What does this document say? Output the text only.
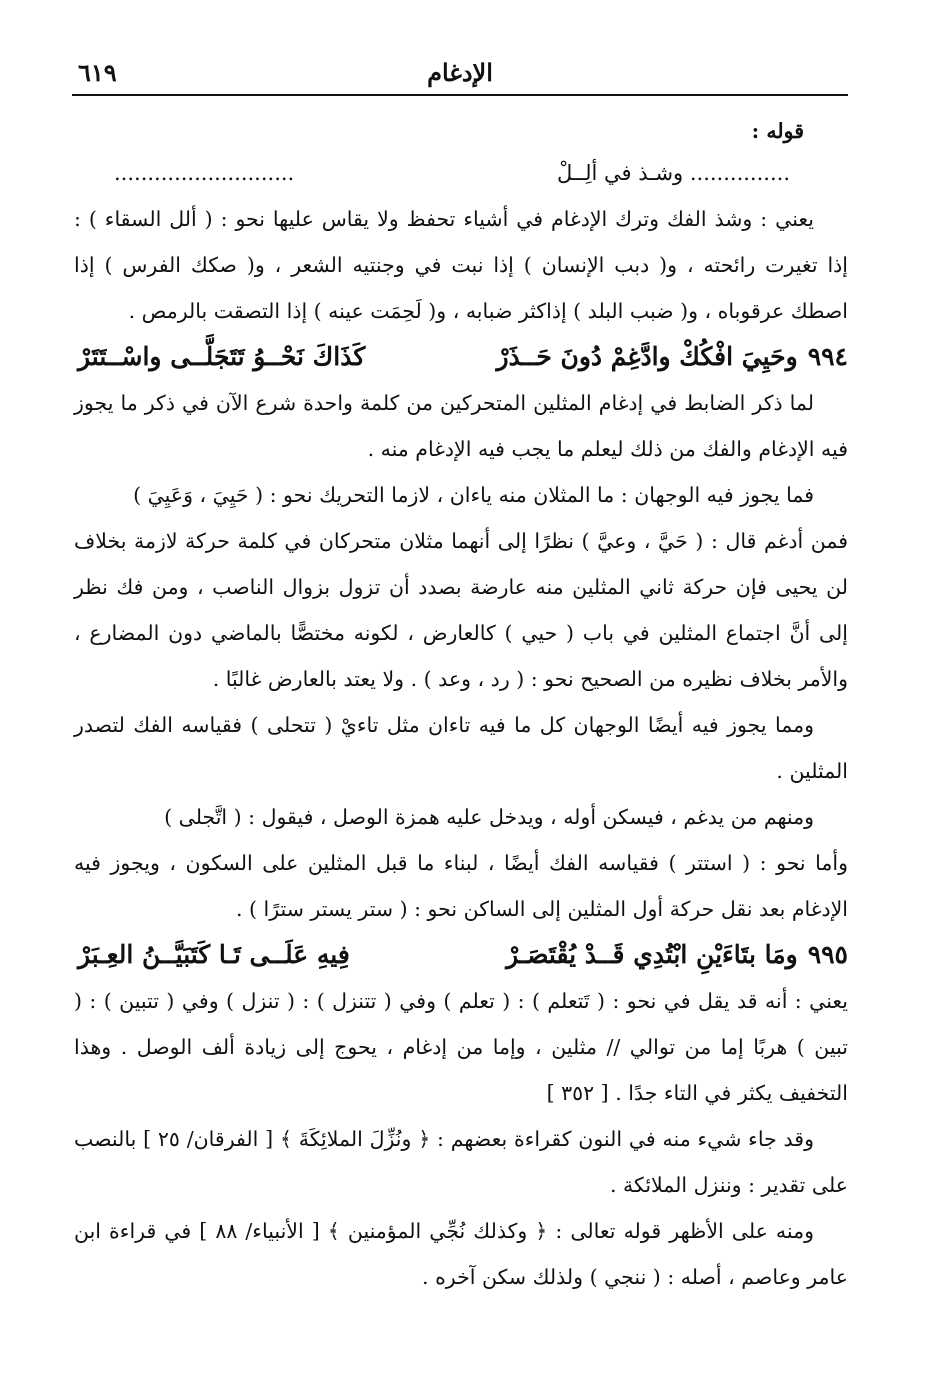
الإدغام
٦١٩
قوله :
............... وشـذ في ألِــلْ
...........................

يعني : وشذ الفك وترك الإدغام في أشياء تحفظ ولا يقاس عليها نحو : ( ألل السقاء ) : إذا تغيرت رائحته ، و( دبب الإنسان ) إذا نبت في وجنتيه الشعر ، و( صكك الفرس ) إذا اصطك عرقوباه ، و( ضبب البلد ) إذاكثر ضبابه ، و( لَحِمَت عينه ) إذا التصقت بالرمص .

٩٩٤
وحَيِيَ افْكُكْ وادَّغِمْ دُونَ حَــذَرْ
كَذَاكَ نَحْــوُ تَتَجَلَّــى واسْــتَتَرْ

لما ذكر الضابط في إدغام المثلين المتحركين من كلمة واحدة شرع الآن في ذكر ما يجوز فيه الإدغام والفك من ذلك ليعلم ما يجب فيه الإدغام منه .

فما يجوز فيه الوجهان : ما المثلان منه ياءان ، لازما التحريك نحو : ( حَيِيَ ، وَعَيِيَ )

فمن أدغم قال : ( حَيَّ ، وعيَّ ) نظرًا إلى أنهما مثلان متحركان في كلمة حركة لازمة بخلاف لن يحيى فإن حركة ثاني المثلين منه عارضة بصدد أن تزول بزوال الناصب ، ومن فك نظر إلى أنَّ اجتماع المثلين في باب ( حيي ) كالعارض ، لكونه مختصًّا بالماضي دون المضارع ، والأمر بخلاف نظيره من الصحيح نحو : ( رد ، وعد ) . ولا يعتد بالعارض غالبًا .

ومما يجوز فيه أيضًا الوجهان كل ما فيه تاءان مثل تاءيْ ( تتحلى ) فقياسه الفك لتصدر المثلين .

ومنهم من يدغم ، فيسكن أوله ، ويدخل عليه همزة الوصل ، فيقول : ( اتَّجلى )

وأما نحو : ( استتر ) فقياسه الفك أيضًا ، لبناء ما قبل المثلين على السكون ، ويجوز فيه الإدغام بعد نقل حركة أول المثلين إلى الساكن نحو : ( ستر يستر سترًا ) .

٩٩٥
ومَا بتَاءَيْنِ ابْتُدِي قَــدْ يُقْتَصَـرْ
فِيهِ عَلَــى تَـا كَتَبَيَّــنُ العِـبَرْ

يعني : أنه قد يقل في نحو : ( تَتعلم ) : ( تعلم ) وفي ( تتنزل ) : ( تنزل ) وفي ( تتبين ) : ( تبين ) هربًا إما من توالي // مثلين ، وإما من إدغام ، يحوج إلى زيادة ألف الوصل . وهذا التخفيف يكثر في التاء جدًا . [ ٣٥٢ ]

وقد جاء شيء منه في النون كقراءة بعضهم : ﴿ ونُزِّلَ الملائِكَةَ ﴾ [ الفرقان/ ٢٥ ] بالنصب على تقدير : وننزل الملائكة .

ومنه على الأظهر قوله تعالى : ﴿ وكذلك نُجِّي المؤمنين ﴾ [ الأنبياء/ ٨٨ ] في قراءة ابن عامر وعاصم ، أصله : ( ننجي ) ولذلك سكن آخره .
